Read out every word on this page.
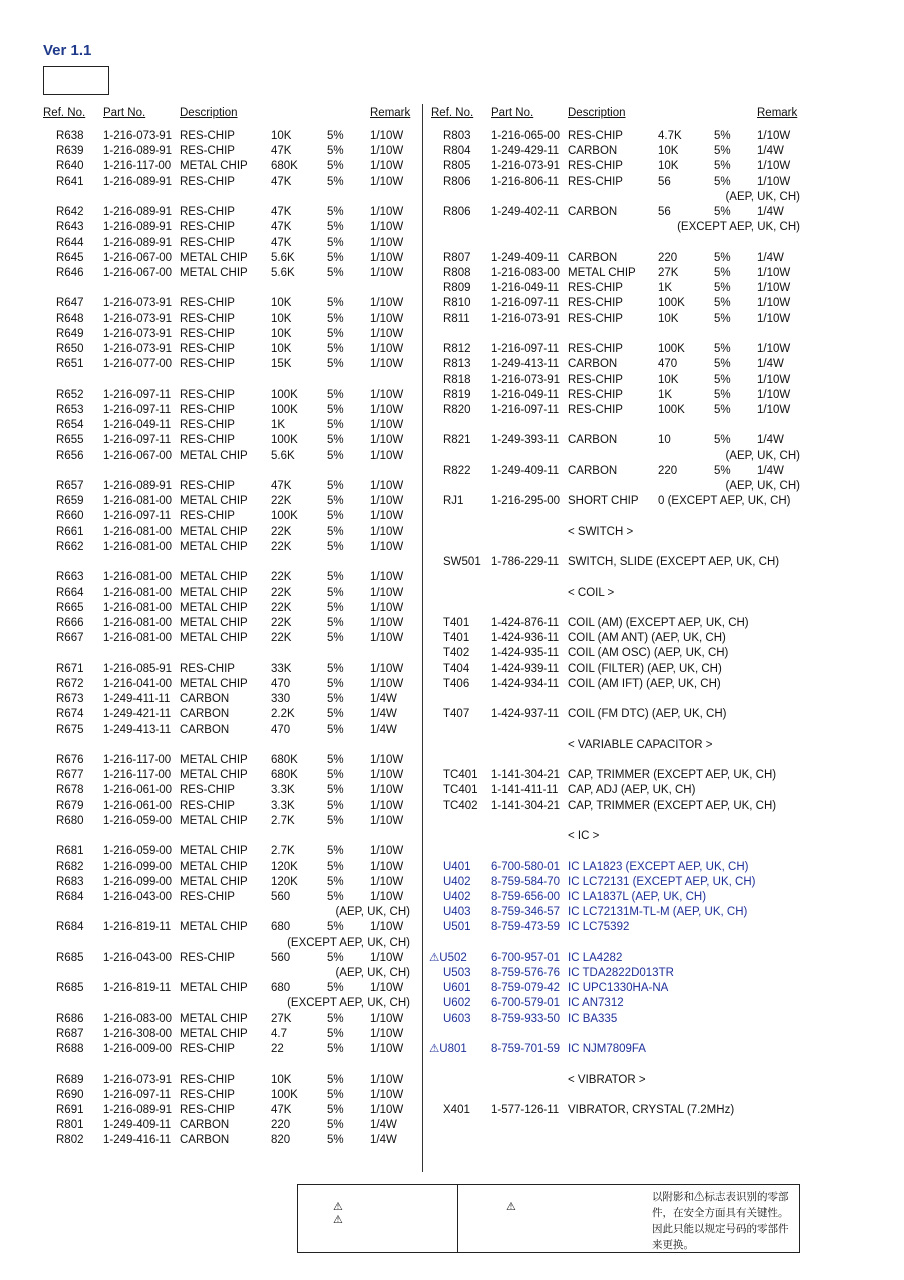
Ver 1.1
Ref. No. Part No.	Description	Remark Ref. No. Part No.	Description	Remark
R638 1-216-073-91 RES-CHIP	10K	5% 1/10W
R639 1-216-089-91 RES-CHIP	47K	5% 1/10W
R640 1-216-117-00 METAL CHIP 680K	5% 1/10W
R641 1-216-089-91 RES-CHIP	47K	5% 1/10W
R642 1-216-089-91 RES-CHIP	47K	5% 1/10W
R643 1-216-089-91 RES-CHIP	47K	5% 1/10W
R644 1-216-089-91 RES-CHIP	47K	5% 1/10W
R645 1-216-067-00 METAL CHIP 5.6K	5% 1/10W
R646 1-216-067-00 METAL CHIP 5.6K	5% 1/10W
R647 1-216-073-91 RES-CHIP	10K	5% 1/10W
R648 1-216-073-91 RES-CHIP	10K	5% 1/10W
R649 1-216-073-91 RES-CHIP	10K	5% 1/10W
R650 1-216-073-91 RES-CHIP	10K	5% 1/10W
R651 1-216-077-00 RES-CHIP	15K	5% 1/10W
R652 1-216-097-11 RES-CHIP	100K	5% 1/10W
R653 1-216-097-11 RES-CHIP	100K	5% 1/10W
R654 1-216-049-11 RES-CHIP	1K	5% 1/10W
R655 1-216-097-11 RES-CHIP	100K	5% 1/10W
R656 1-216-067-00 METAL CHIP 5.6K	5% 1/10W
R657 1-216-089-91 RES-CHIP	47K	5% 1/10W
R659 1-216-081-00 METAL CHIP 22K	5% 1/10W
R660 1-216-097-11 RES-CHIP	100K	5% 1/10W
R661 1-216-081-00 METAL CHIP 22K	5% 1/10W
R662 1-216-081-00 METAL CHIP 22K	5% 1/10W
R663 1-216-081-00 METAL CHIP 22K	5% 1/10W
R664 1-216-081-00 METAL CHIP 22K	5% 1/10W
R665 1-216-081-00 METAL CHIP 22K	5% 1/10W
R666 1-216-081-00 METAL CHIP 22K	5% 1/10W
R667 1-216-081-00 METAL CHIP 22K	5% 1/10W
R671 1-216-085-91 RES-CHIP	33K	5% 1/10W
R672 1-216-041-00 METAL CHIP 470	5% 1/10W
R673 1-249-411-11 CARBON	330	5% 1/4W
R674 1-249-421-11 CARBON	2.2K	5% 1/4W
R675 1-249-413-11 CARBON	470	5% 1/4W
R676 1-216-117-00 METAL CHIP 680K	5% 1/10W
R677 1-216-117-00 METAL CHIP 680K	5% 1/10W
R678 1-216-061-00 RES-CHIP	3.3K	5% 1/10W
R679 1-216-061-00 RES-CHIP	3.3K	5% 1/10W
R680 1-216-059-00 METAL CHIP 2.7K	5% 1/10W
R681 1-216-059-00 METAL CHIP 2.7K	5% 1/10W
R682 1-216-099-00 METAL CHIP 120K	5% 1/10W
R683 1-216-099-00 METAL CHIP 120K	5% 1/10W
R684 1-216-043-00 RES-CHIP	560	5% 1/10W
(AEP, UK, CH)
R684 1-216-819-11 METAL CHIP 680	5% 1/10W
(EXCEPT AEP, UK, CH)
R685 1-216-043-00 RES-CHIP	560	5% 1/10W
(AEP, UK, CH)
R685 1-216-819-11 METAL CHIP 680	5% 1/10W
(EXCEPT AEP, UK, CH)
R686 1-216-083-00 METAL CHIP 27K	5% 1/10W
R687 1-216-308-00 METAL CHIP 4.7	5% 1/10W
R688 1-216-009-00 RES-CHIP	22	5% 1/10W
R689 1-216-073-91 RES-CHIP	10K	5% 1/10W
R690 1-216-097-11 RES-CHIP	100K	5% 1/10W
R691 1-216-089-91 RES-CHIP	47K	5% 1/10W
R801 1-249-409-11 CARBON	220	5% 1/4W
R802 1-249-416-11 CARBON	820	5% 1/4W
R803 1-216-065-00 RES-CHIP	4.7K	5% 1/10W
R804 1-249-429-11 CARBON	10K	5% 1/4W
R805 1-216-073-91 RES-CHIP	10K	5% 1/10W
R806 1-216-806-11 RES-CHIP	56	5% 1/10W
(AEP, UK, CH)
R806 1-249-402-11 CARBON	56	5% 1/4W
(EXCEPT AEP, UK, CH)
R807 1-249-409-11 CARBON	220	5% 1/4W
R808 1-216-083-00 METAL CHIP 27K	5% 1/10W
R809 1-216-049-11 RES-CHIP	1K	5% 1/10W
R810 1-216-097-11 RES-CHIP	100K	5% 1/10W
R811 1-216-073-91 RES-CHIP	10K	5% 1/10W
R812 1-216-097-11 RES-CHIP	100K	5% 1/10W
R813 1-249-413-11 CARBON	470	5% 1/4W
R818 1-216-073-91 RES-CHIP	10K	5% 1/10W
R819 1-216-049-11 RES-CHIP	1K	5% 1/10W
R820 1-216-097-11 RES-CHIP	100K	5% 1/10W
R821 1-249-393-11 CARBON	10	5% 1/4W
(AEP, UK, CH)
R822 1-249-409-11 CARBON	220	5% 1/4W
(AEP, UK, CH)
RJ1 1-216-295-00 SHORT CHIP 0 (EXCEPT AEP, UK, CH)
< SWITCH >
SW501 1-786-229-11 SWITCH, SLIDE (EXCEPT AEP, UK, CH)
< COIL >
T401 1-424-876-11 COIL (AM) (EXCEPT AEP, UK, CH)
T401 1-424-936-11 COIL (AM ANT) (AEP, UK, CH)
T402 1-424-935-11 COIL (AM OSC) (AEP, UK, CH)
T404 1-424-939-11 COIL (FILTER) (AEP, UK, CH)
T406 1-424-934-11 COIL (AM IFT) (AEP, UK, CH)
T407 1-424-937-11 COIL (FM DTC) (AEP, UK, CH)
< VARIABLE CAPACITOR >
TC401 1-141-304-21 CAP, TRIMMER (EXCEPT AEP, UK, CH)
TC401 1-141-411-11 CAP, ADJ (AEP, UK, CH)
TC402 1-141-304-21 CAP, TRIMMER (EXCEPT AEP, UK, CH)
< IC >
U401 6-700-580-01 IC LA1823 (EXCEPT AEP, UK, CH)
U402 8-759-584-70 IC LC72131 (EXCEPT AEP, UK, CH)
U402 8-759-656-00 IC LA1837L (AEP, UK, CH)
U403 8-759-346-57 IC LC72131M-TL-M (AEP, UK, CH)
U501 8-759-473-59 IC LC75392
⚠U502 6-700-957-01 IC LA4282
U503 8-759-576-76 IC TDA2822D013TR
U601 8-759-079-42 IC UPC1330HA-NA
U602 6-700-579-01 IC AN7312
U603 8-759-933-50 IC BA335
⚠U801 8-759-701-59 IC NJM7809FA
< VIBRATOR >
X401 1-577-126-11 VIBRATOR, CRYSTAL (7.2MHz)
⚠
⚠
⚠
以附影和⚠标志表识别的零部件，在安全方面具有关键性。因此只能以规定号码的零部件来更换。
